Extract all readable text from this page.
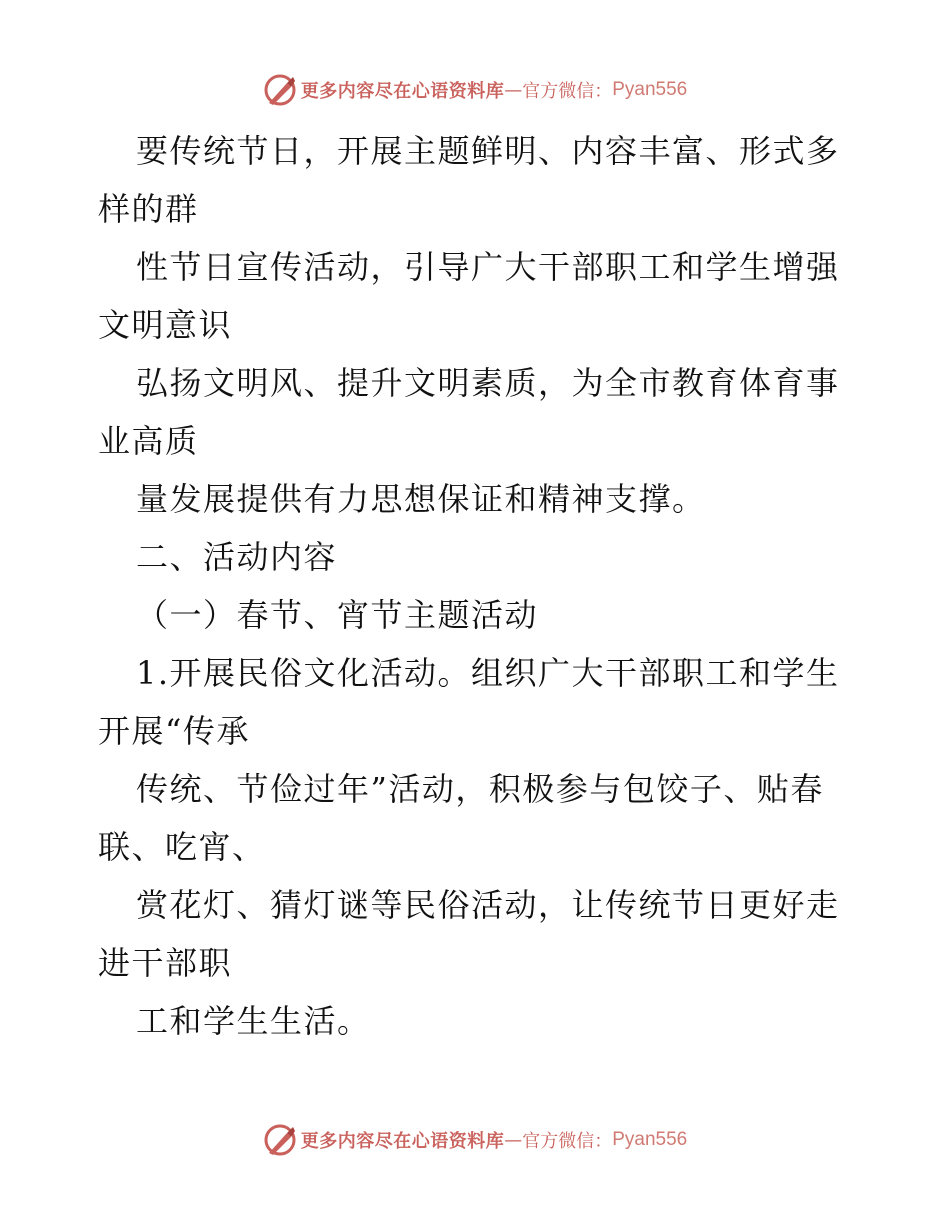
更多内容尽在心语资料库 — 官方微信： Pyan556
要传统节日，开展主题鲜明、内容丰富、形式多
样的群
性节日宣传活动，引导广大干部职工和学生增强
文明意识
弘扬文明风、提升文明素质，为全市教育体育事
业高质
量发展提供有力思想保证和精神支撑。
二、活动内容
（一）春节、宵节主题活动
1.开展民俗文化活动。组织广大干部职工和学生
开展“传承
传统、节俭过年”活动，积极参与包饺子、贴春
联、吃宵、
赏花灯、猜灯谜等民俗活动，让传统节日更好走
进干部职
工和学生生活。
更多内容尽在心语资料库 — 官方微信： Pyan556
